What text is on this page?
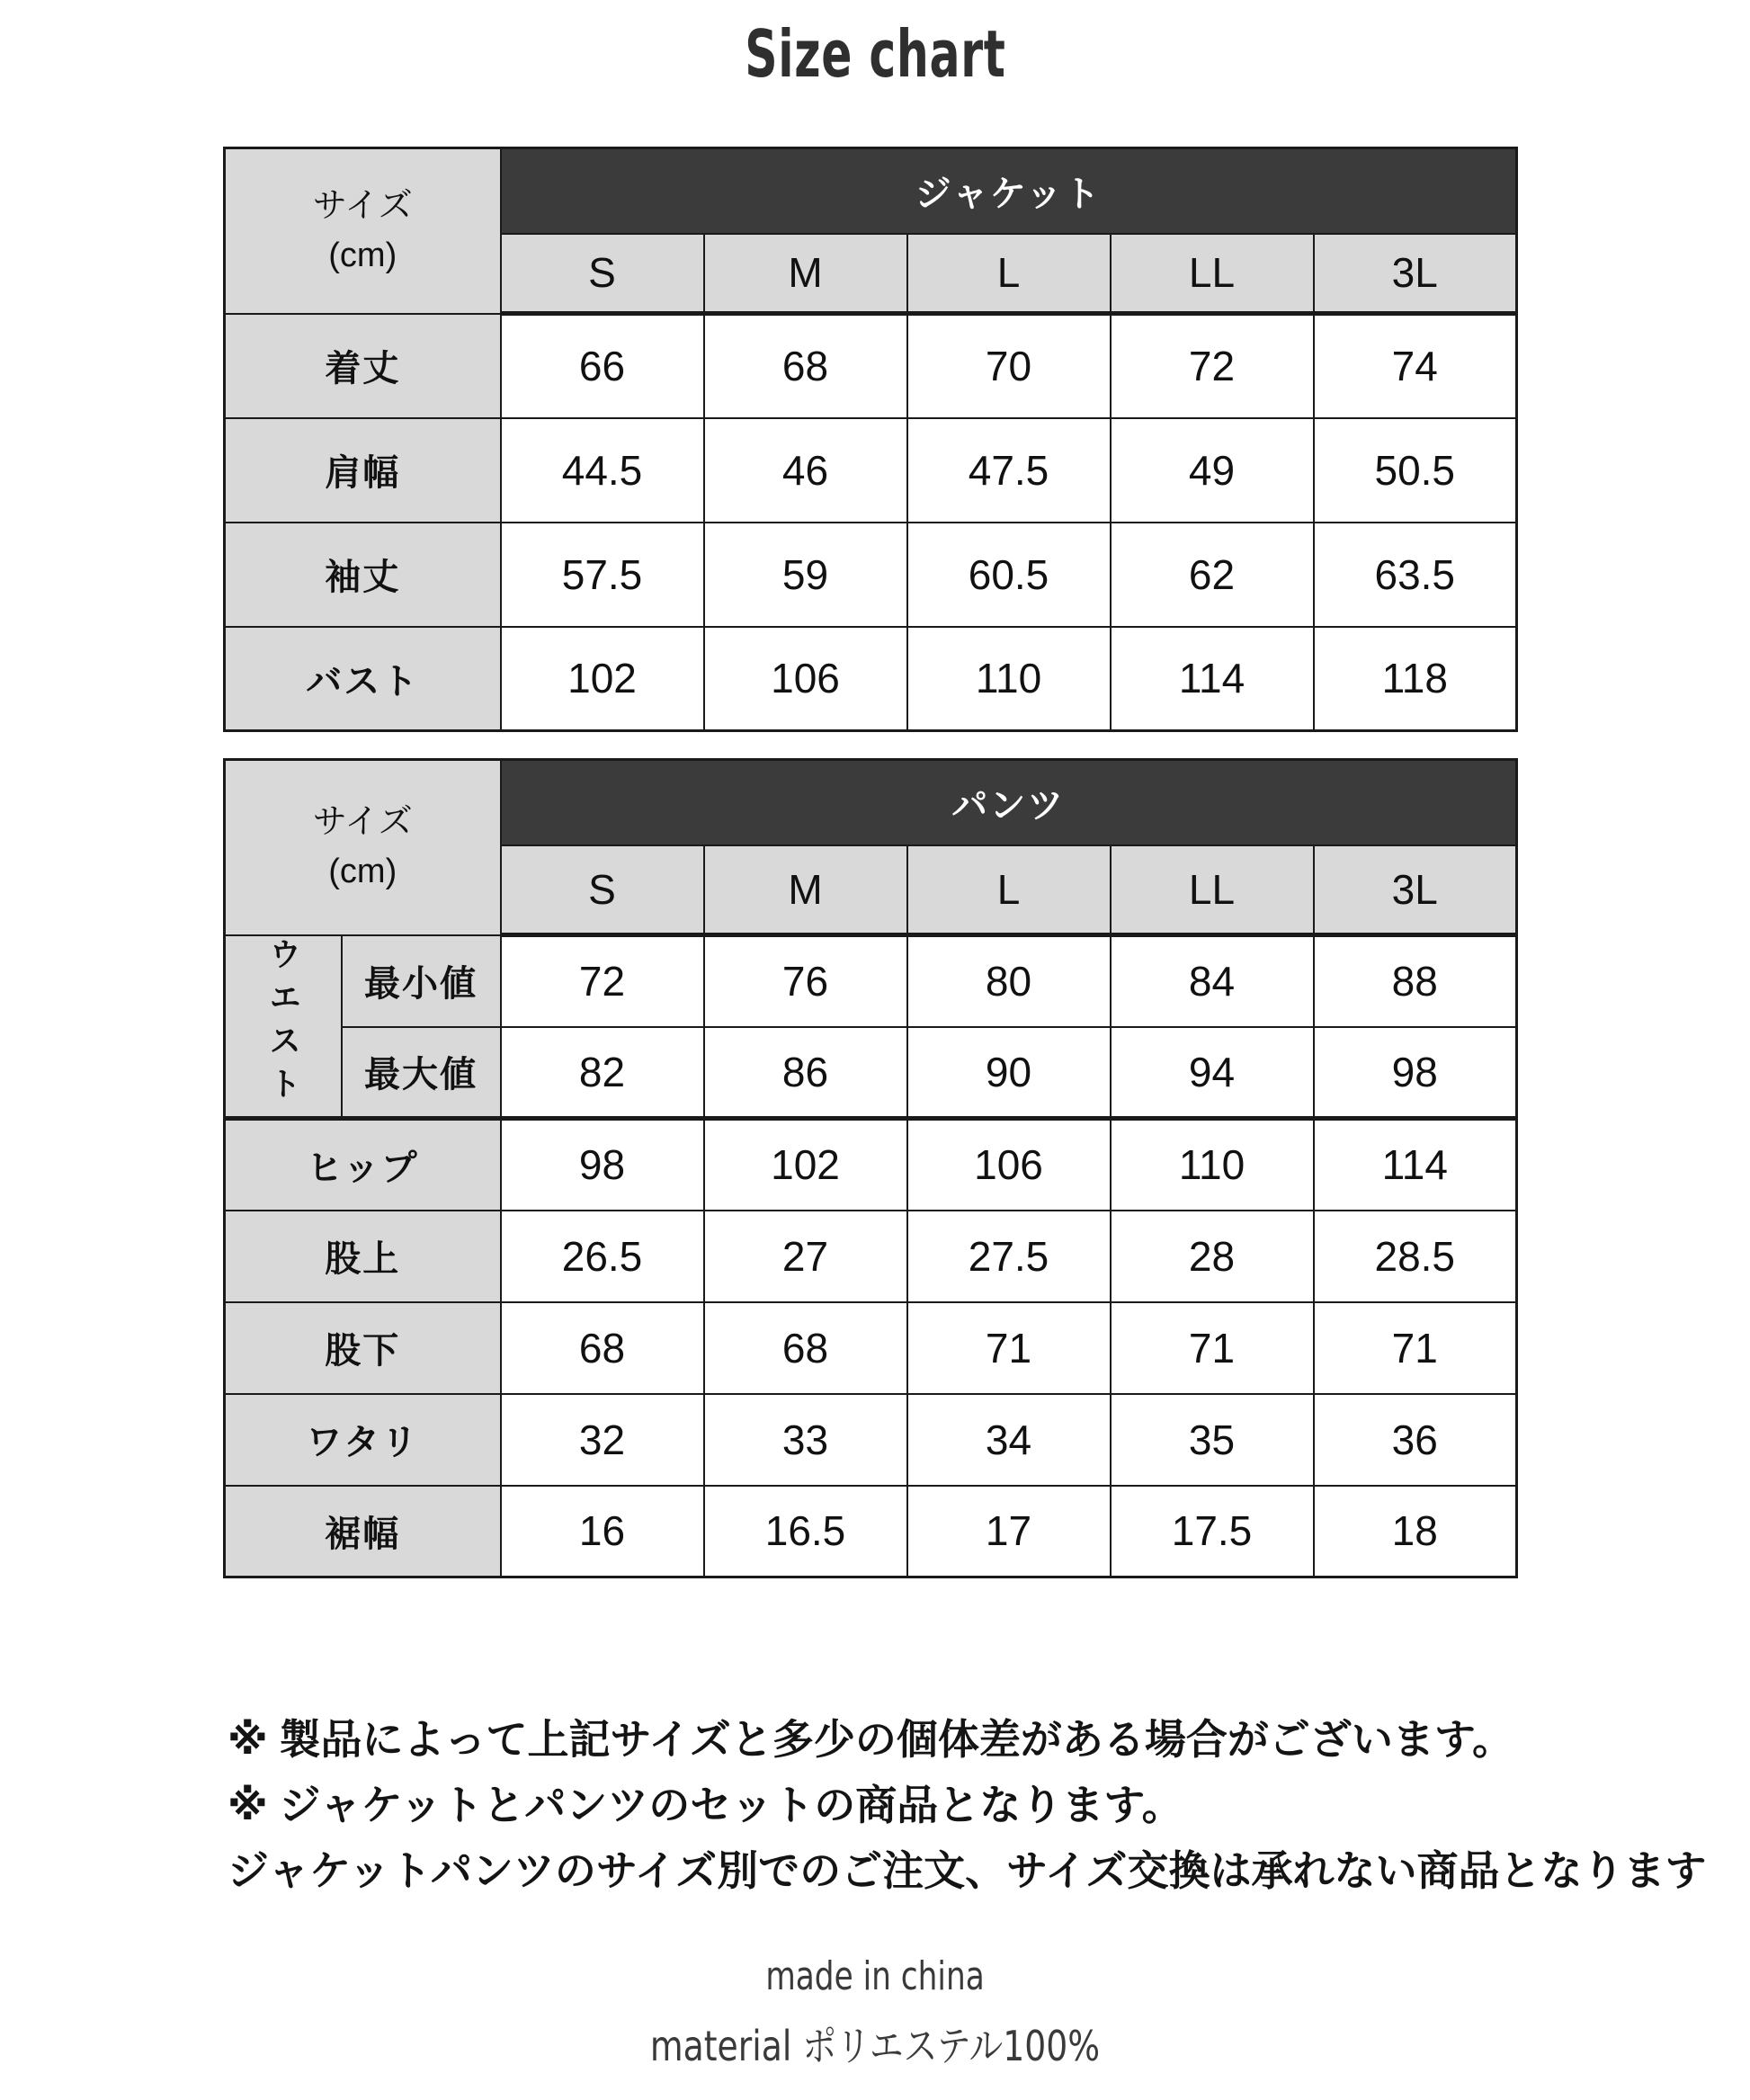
Size chart
サイズ
(cm)	ジャケット				
	S	M	L	LL	3L
着丈	66	68	70	72	74
肩幅	44.5	46	47.5	49	50.5
袖丈	57.5	59	60.5	62	63.5
バスト	102	106	110	114	118
サイズ
(cm)		パンツ				
		S	M	L	LL	3L
ウエスト	最小値	72	76	80	84	88
	最大値	82	86	90	94	98
ヒップ		98	102	106	110	114
股上		26.5	27	27.5	28	28.5
股下		68	68	71	71	71
ワタリ		32	33	34	35	36
裾幅		16	16.5	17	17.5	18
※ 製品によって上記サイズと多少の個体差がある場合がございます。
※ ジャケットとパンツのセットの商品となります。
ジャケットパンツのサイズ別でのご注文、サイズ交換は承れない商品となります
made in china
material ポリエステル100%
